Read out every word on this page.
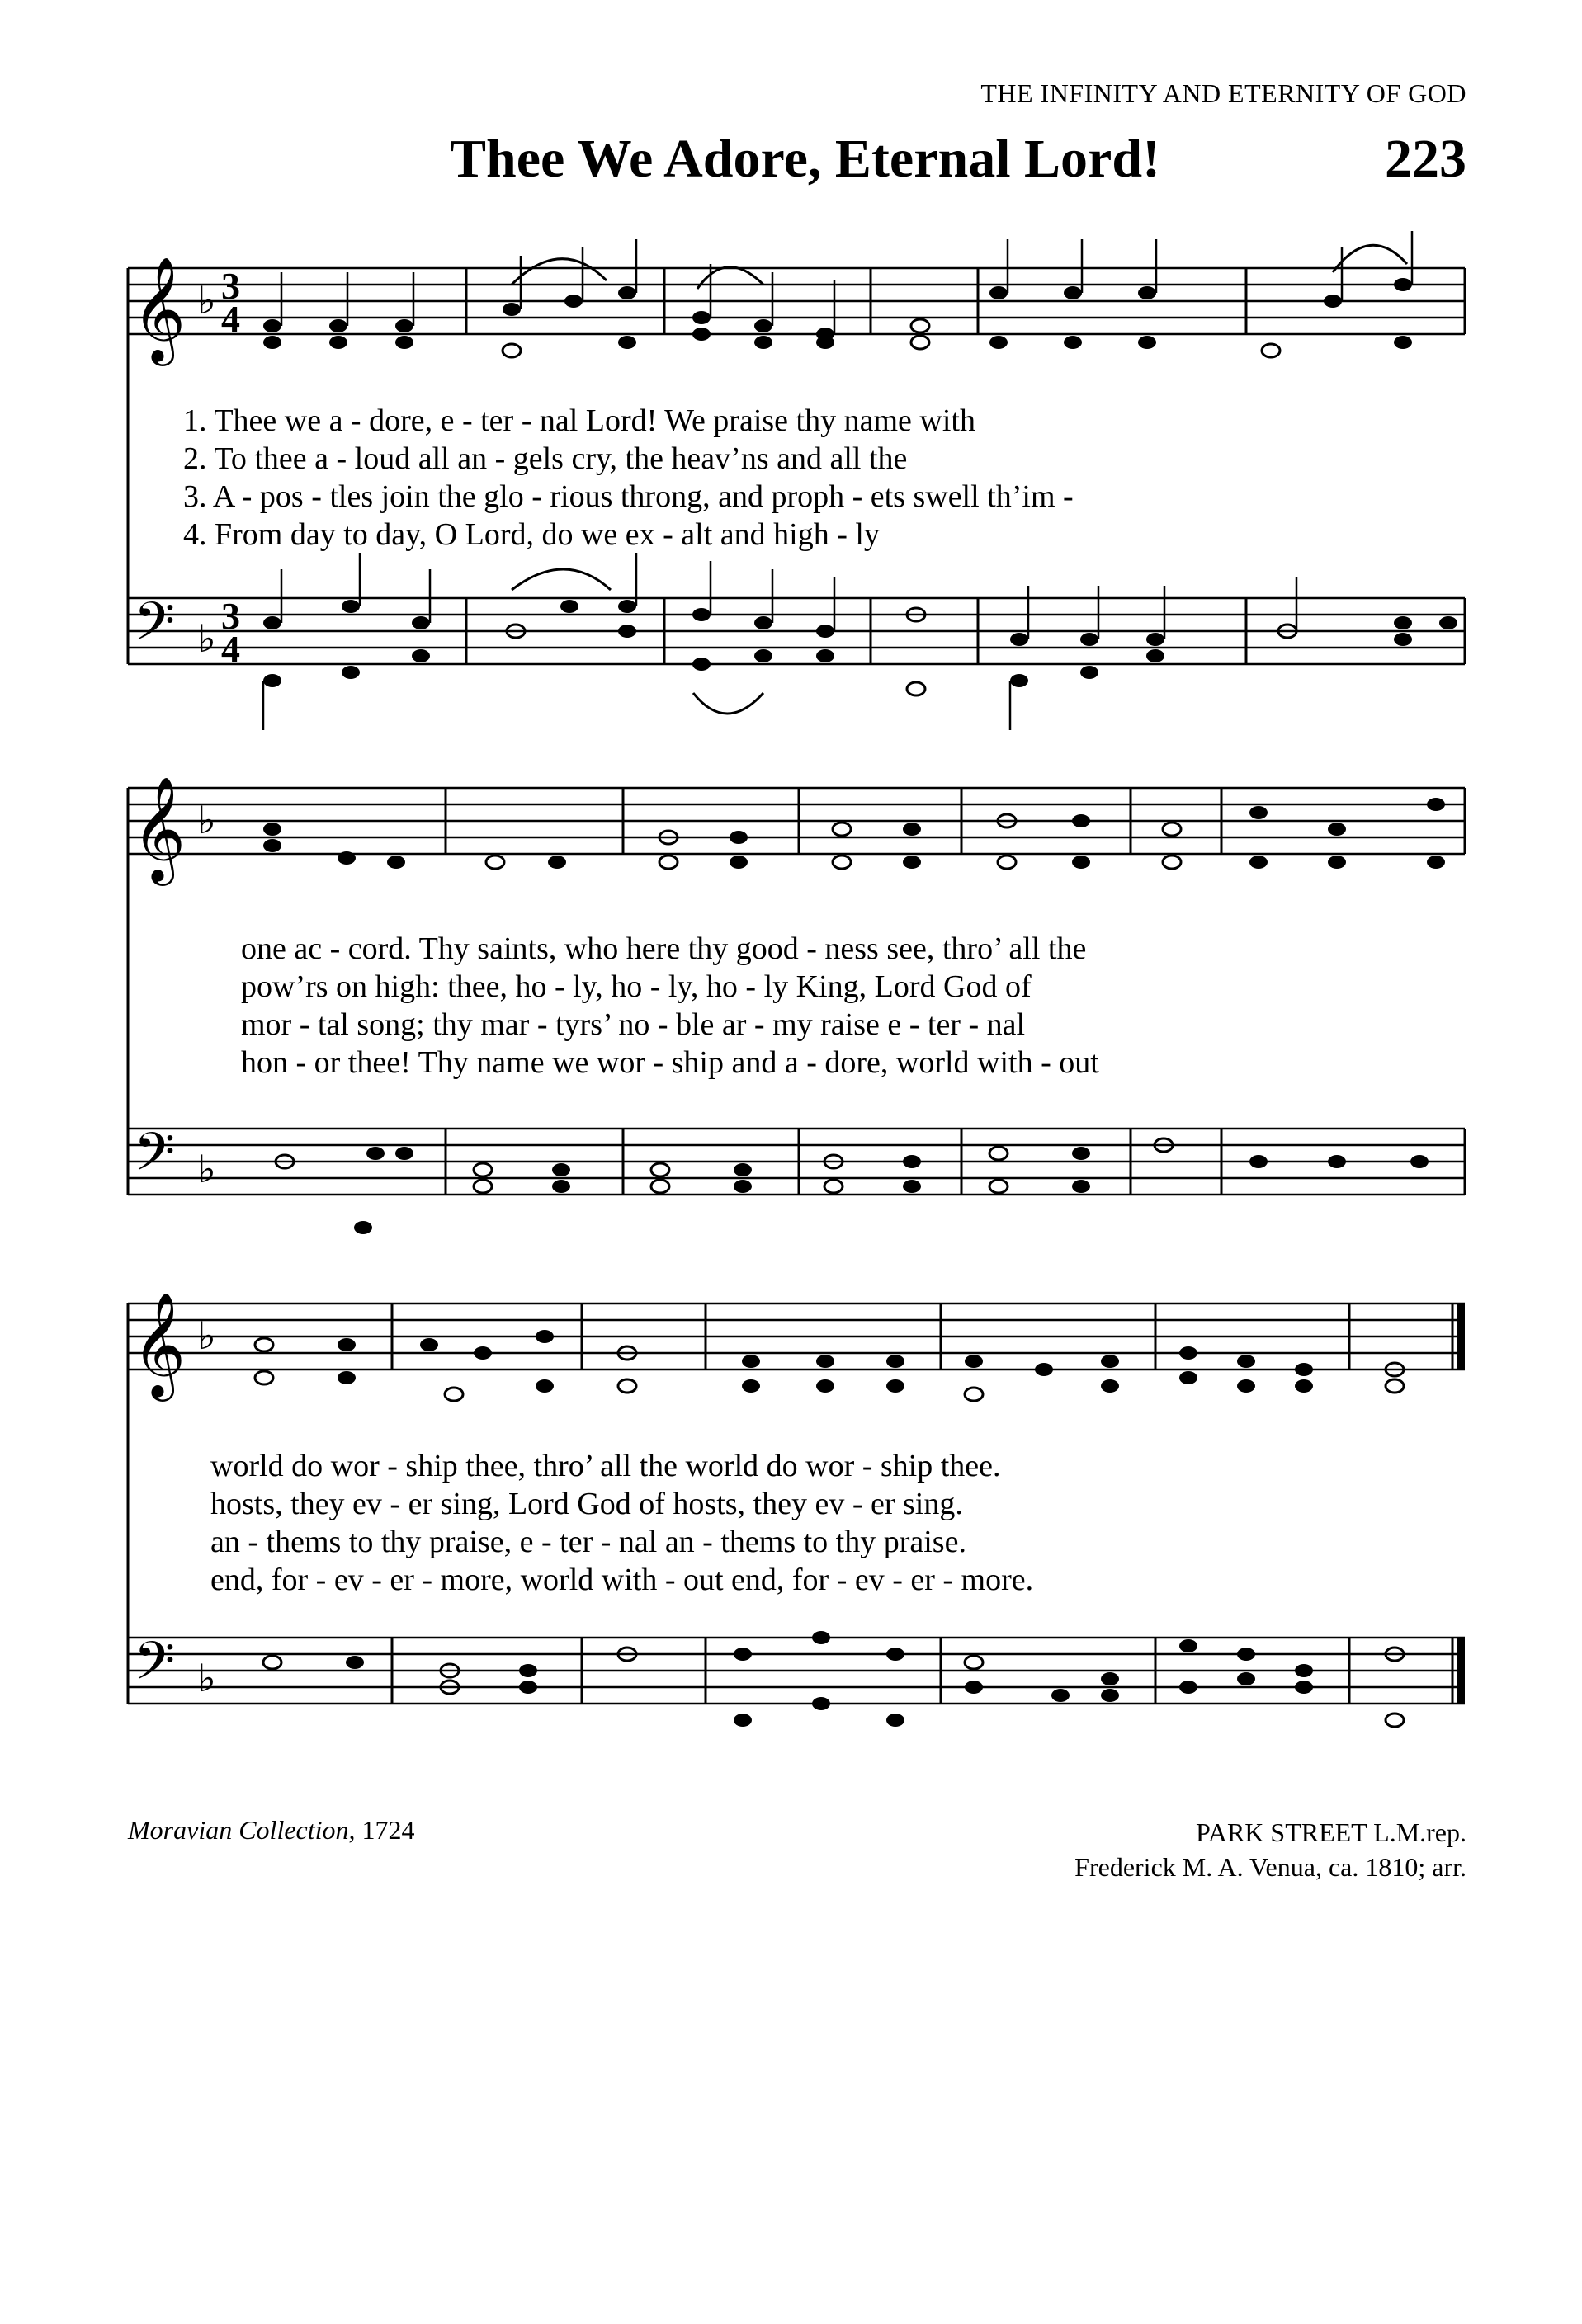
THE INFINITY AND ETERNITY OF GOD
Thee We Adore, Eternal Lord!	223
𝄞
𝄢
𝄞
𝄢
𝄞
𝄢
♭
♭
♭
♭
♭
♭
3
4
3
4
1. Thee we a - dore, e - ter - nal Lord! We praise thy name with
2. To thee a - loud all an - gels cry, the heav’ns and all the
3. A - pos - tles join the glo - rious throng, and proph - ets swell th’im -
4. From day to day, O Lord, do we ex - alt and high - ly
one ac - cord. Thy saints, who here thy good - ness see, thro’ all the
pow’rs on high: thee, ho - ly, ho - ly, ho - ly King, Lord God of
mor - tal song; thy mar - tyrs’ no - ble ar - my raise e - ter - nal
hon - or thee! Thy name we wor - ship and a - dore, world with - out
world do wor - ship thee, thro’ all the world do wor - ship thee.
hosts, they ev - er sing, Lord God of hosts, they ev - er sing.
an - thems to thy praise, e - ter - nal an - thems to thy praise.
end, for - ev - er - more, world with - out end, for - ev - er - more.
Moravian Collection, 1724	PARK STREET L.M.rep.
Frederick M. A. Venua, ca. 1810; arr.
